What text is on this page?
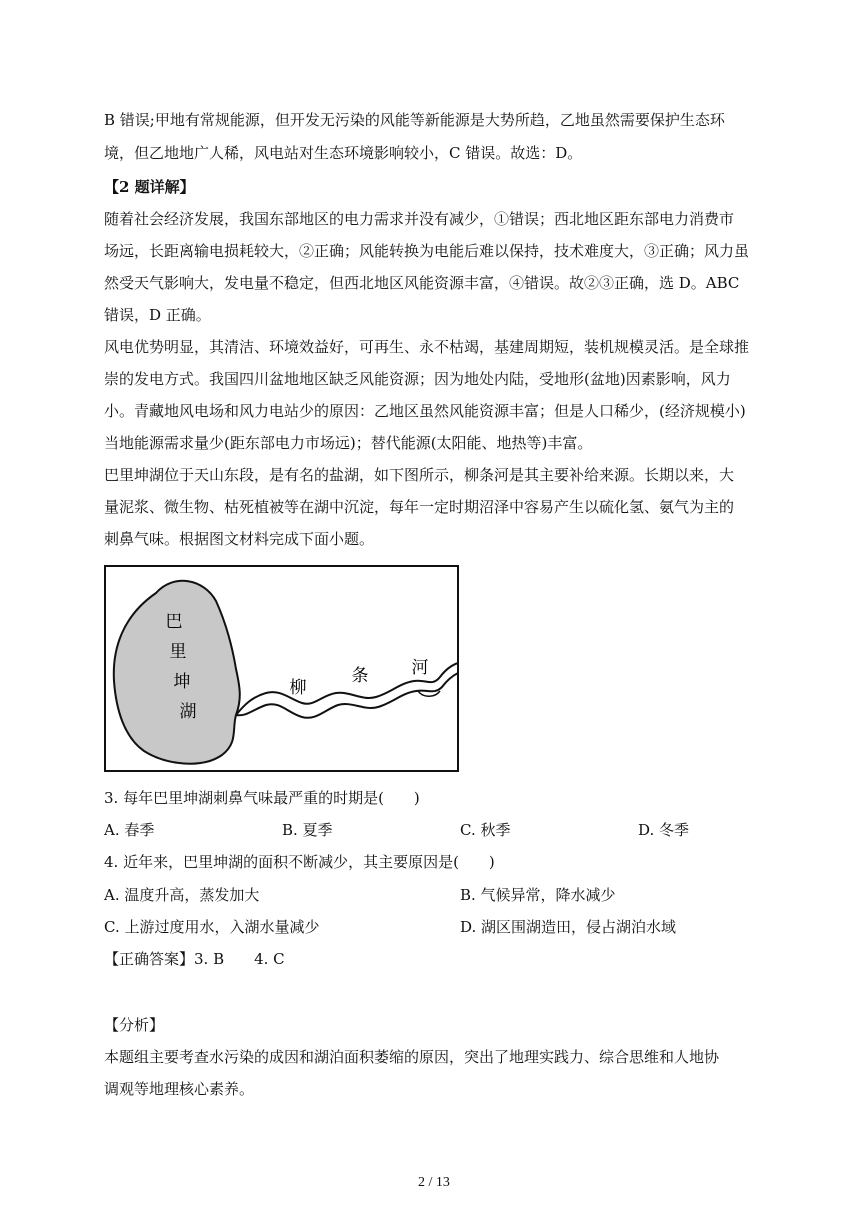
B 错误;甲地有常规能源，但开发无污染的风能等新能源是大势所趋，乙地虽然需要保护生态环
境，但乙地地广人稀，风电站对生态环境影响较小，C 错误。故选：D。
【2 题详解】
随着社会经济发展，我国东部地区的电力需求并没有减少，①错误；西北地区距东部电力消费市
场远，长距离输电损耗较大，②正确；风能转换为电能后难以保持，技术难度大，③正确；风力虽
然受天气影响大，发电量不稳定，但西北地区风能资源丰富，④错误。故②③正确，选 D。ABC
错误，D 正确。
风电优势明显，其清洁、环境效益好，可再生、永不枯竭，基建周期短，装机规模灵活。是全球推
崇的发电方式。我国四川盆地地区缺乏风能资源；因为地处内陆，受地形(盆地)因素影响，风力
小。青藏地风电场和风力电站少的原因：乙地区虽然风能资源丰富；但是人口稀少，(经济规模小)
当地能源需求量少(距东部电力市场远)；替代能源(太阳能、地热等)丰富。
巴里坤湖位于天山东段，是有名的盐湖，如下图所示，柳条河是其主要补给来源。长期以来，大
量泥浆、微生物、枯死植被等在湖中沉淀，每年一定时期沼泽中容易产生以硫化氢、氨气为主的
刺鼻气味。根据图文材料完成下面小题。
巴
里
坤
湖
柳
条	河
3. 每年巴里坤湖刺鼻气味最严重的时期是(　　)
A. 春季	B. 夏季	C. 秋季	D. 冬季
4. 近年来，巴里坤湖的面积不断减少，其主要原因是(　　)
A. 温度升高，蒸发加大	B. 气候异常，降水减少
C. 上游过度用水，入湖水量减少	D. 湖区围湖造田，侵占湖泊水域
【正确答案】3. B　　4. C
【分析】
本题组主要考查水污染的成因和湖泊面积萎缩的原因，突出了地理实践力、综合思维和人地协
调观等地理核心素养。
2 / 13
